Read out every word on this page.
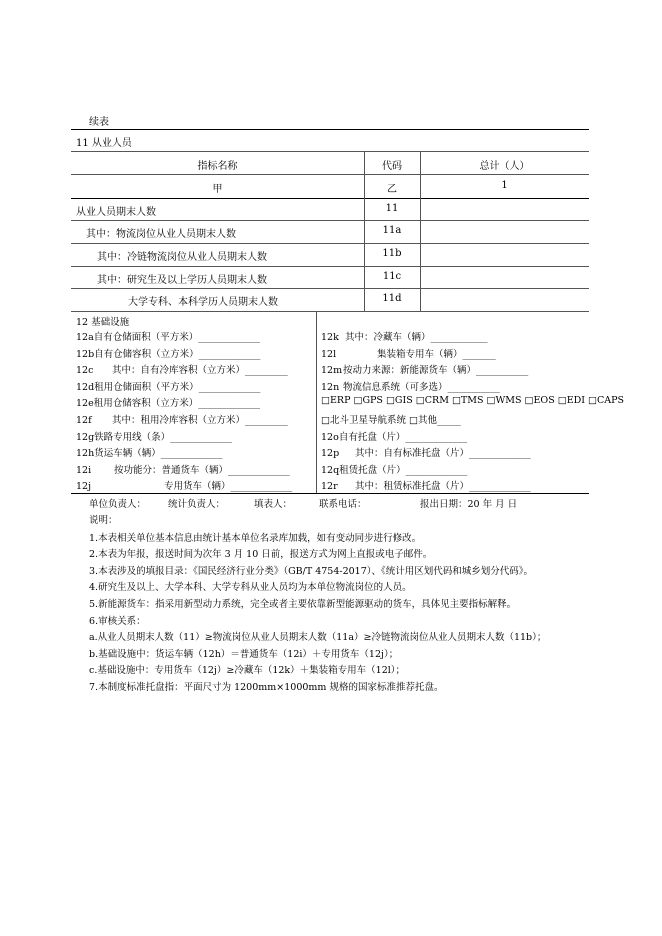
续表
11 从业人员
指标名称	代码	总计（人）
甲	乙	1
从业人员期末人数	11
其中：物流岗位从业人员期末人数	11a
其中：冷链物流岗位从业人员期末人数	11b
其中：研究生及以上学历人员期末人数	11c
大学专科、本科学历人员期末人数	11d
12 基础设施
12a自有仓储面积（平方米）_____________
12b自有仓储容积（立方米）_____________
12c 其中：自有冷库容积（立方米）_________
12d租用仓储面积（平方米）_____________
12e租用仓储容积（立方米）_____________
12f 其中：租用冷库容积（立方米）_________
12g铁路专用线（条）_____________
12h货运车辆（辆）_____________
12i 按功能分：普通货车（辆）_____________
12j	专用货车（辆）_____________
12k 其中：冷藏车（辆）____________
12l	集装箱专用车（辆）_______
12m按动力来源：新能源货车（辆）___________
12n 物流信息系统（可多选）___________
□ERP □GPS □GIS □CRM □TMS □WMS □EOS □EDI □CAPS
□北斗卫星导航系统 □其他_____
12o自有托盘（片）_____________
12p 其中：自有标准托盘（片）_____________
12q租赁托盘（片）_____________
12r 其中：租赁标准托盘（片）_____________
单位负责人： 统计负责人：	填表人：	联系电话：	报出日期：20 年 月 日
说明：
1.本表相关单位基本信息由统计基本单位名录库加载，如有变动同步进行修改。
2.本表为年报，报送时间为次年 3 月 10 日前，报送方式为网上直报或电子邮件。
3.本表涉及的填报目录：《国民经济行业分类》（GB/T 4754-2017）、《统计用区划代码和城乡划分代码》。
4.研究生及以上、大学本科、大学专科从业人员均为本单位物流岗位的人员。
5.新能源货车：指采用新型动力系统，完全或者主要依靠新型能源驱动的货车，具体见主要指标解释。
6.审核关系：
a.从业人员期末人数（11）≥物流岗位从业人员期末人数（11a）≥冷链物流岗位从业人员期末人数（11b）；
b.基础设施中：货运车辆（12h）＝普通货车（12i）＋专用货车（12j）；
c.基础设施中：专用货车（12j）≥冷藏车（12k）＋集装箱专用车（12l）；
7.本制度标准托盘指：平面尺寸为 1200mm×1000mm 规格的国家标准推荐托盘。
